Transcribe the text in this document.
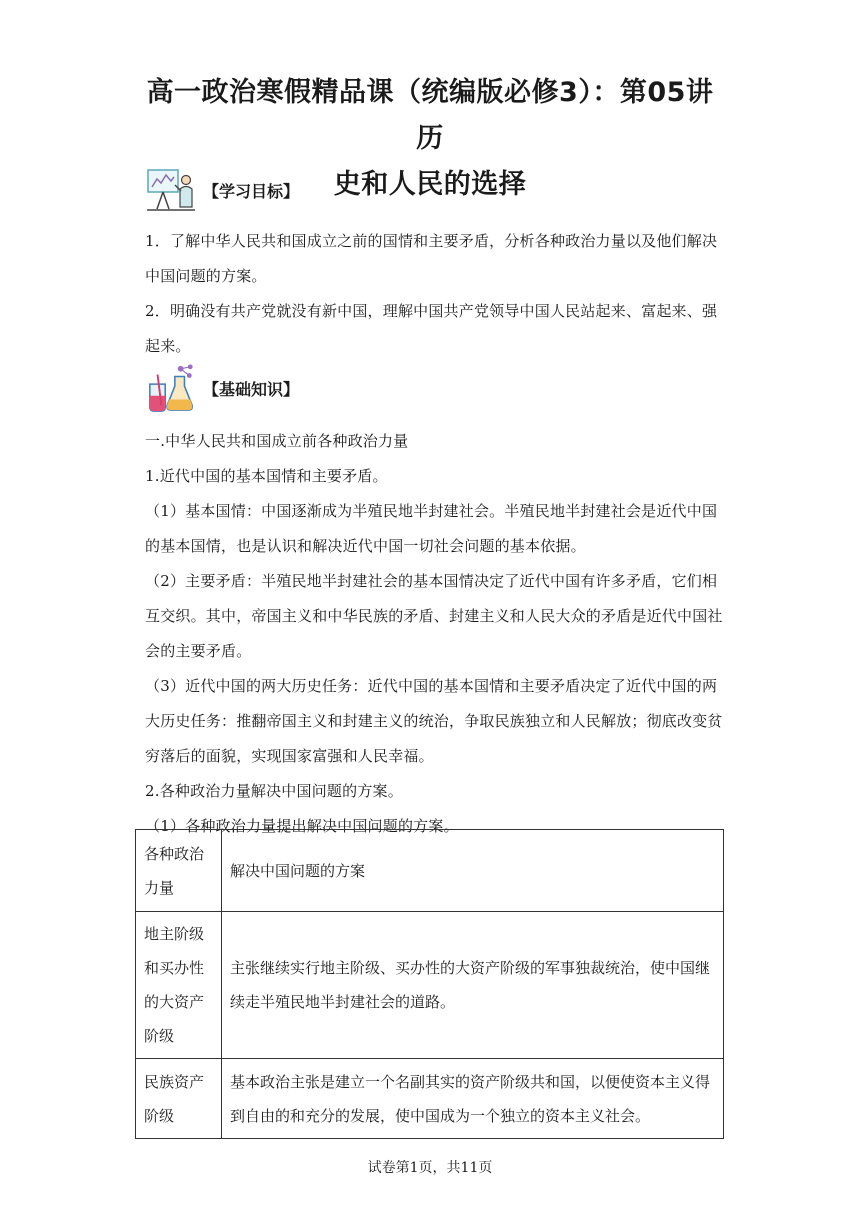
高一政治寒假精品课（统编版必修3）：第05讲 历
史和人民的选择
【学习目标】

1．了解中华人民共和国成立之前的国情和主要矛盾，分析各种政治力量以及他们解决中国问题的方案。

2．明确没有共产党就没有新中国，理解中国共产党领导中国人民站起来、富起来、强起来。

【基础知识】

一.中华人民共和国成立前各种政治力量

1.近代中国的基本国情和主要矛盾。

（1）基本国情：中国逐渐成为半殖民地半封建社会。半殖民地半封建社会是近代中国的基本国情，也是认识和解决近代中国一切社会问题的基本依据。

（2）主要矛盾：半殖民地半封建社会的基本国情决定了近代中国有许多矛盾，它们相互交织。其中，帝国主义和中华民族的矛盾、封建主义和人民大众的矛盾是近代中国社会的主要矛盾。

（3）近代中国的两大历史任务：近代中国的基本国情和主要矛盾决定了近代中国的两大历史任务：推翻帝国主义和封建主义的统治，争取民族独立和人民解放；彻底改变贫穷落后的面貌，实现国家富强和人民幸福。

2.各种政治力量解决中国问题的方案。

（1）各种政治力量提出解决中国问题的方案。

各种政治力量	解决中国问题的方案
地主阶级和买办性的大资产阶级	主张继续实行地主阶级、买办性的大资产阶级的军事独裁统治，使中国继续走半殖民地半封建社会的道路。
民族资产阶级	基本政治主张是建立一个名副其实的资产阶级共和国，以便使资本主义得到自由的和充分的发展，使中国成为一个独立的资本主义社会。
试卷第1页，共11页
